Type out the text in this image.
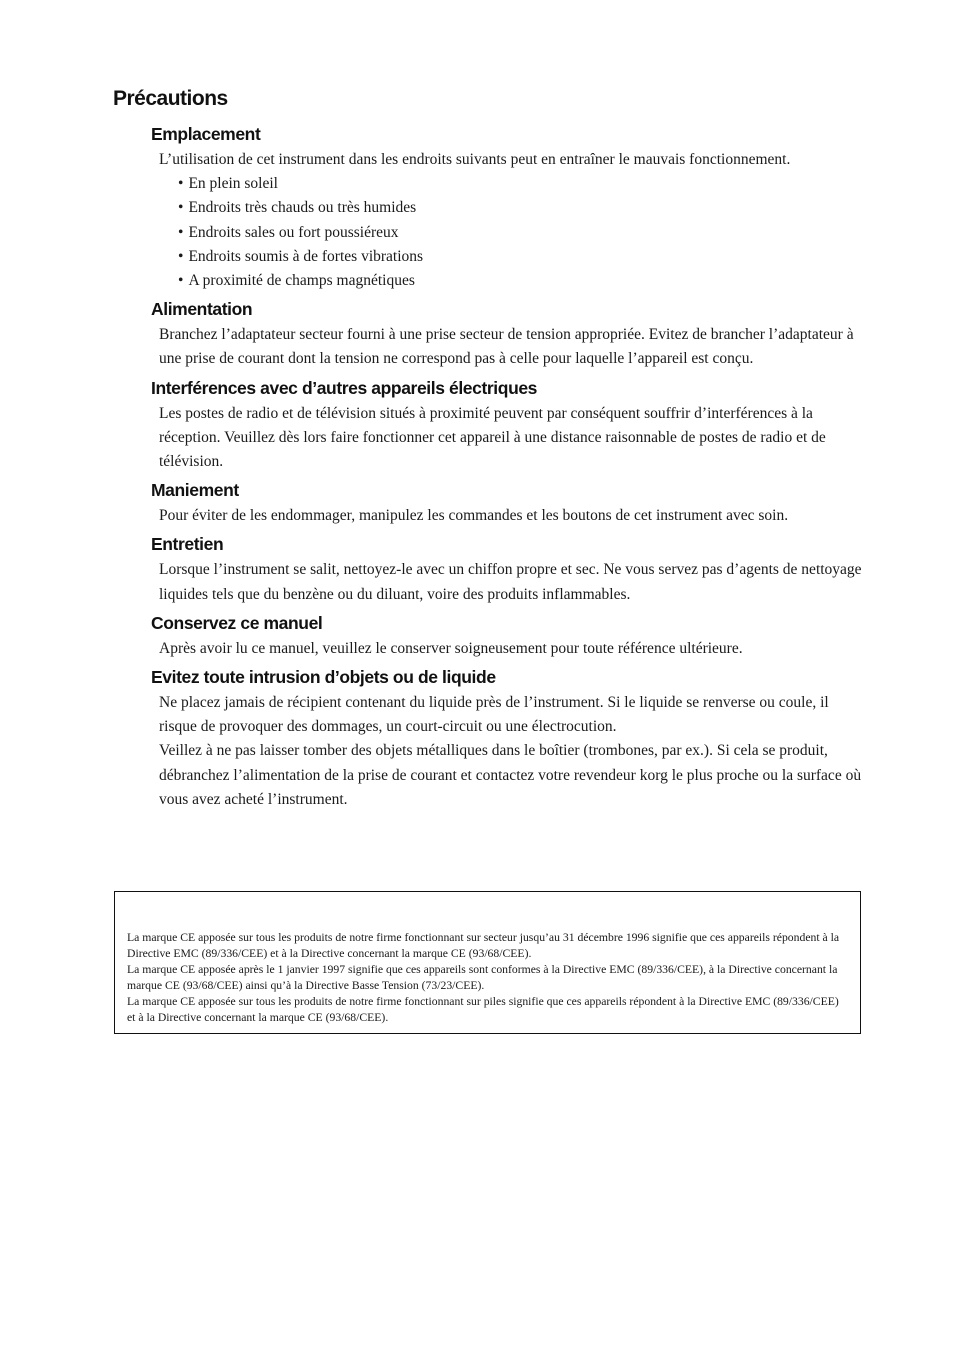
Précautions
Emplacement

L’utilisation de cet instrument dans les endroits suivants peut en entraîner le mauvais fonctionnement.

• En plein soleil
• Endroits très chauds ou très humides
• Endroits sales ou fort poussiéreux
• Endroits soumis à de fortes vibrations
• A proximité de champs magnétiques
Alimentation

Branchez l’adaptateur secteur fourni à une prise secteur de tension appropriée. Evitez de brancher l’adaptateur à une prise de courant dont la tension ne correspond pas à celle pour laquelle l’appareil est conçu.

Interférences avec d’autres appareils électriques

Les postes de radio et de télévision situés à proximité peuvent par conséquent souffrir d’interférences à la réception. Veuillez dès lors faire fonctionner cet appareil à une distance raisonnable de postes de radio et de télévision.

Maniement

Pour éviter de les endommager, manipulez les commandes et les boutons de cet instrument avec soin.

Entretien

Lorsque l’instrument se salit, nettoyez-le avec un chiffon propre et sec. Ne vous servez pas d’agents de nettoyage liquides tels que du benzène ou du diluant, voire des produits inflammables.

Conservez ce manuel

Après avoir lu ce manuel, veuillez le conserver soigneusement pour toute référence ultérieure.

Evitez toute intrusion d’objets ou de liquide

Ne placez jamais de récipient contenant du liquide près de l’instrument. Si le liquide se renverse ou coule, il risque de provoquer des dommages, un court-circuit ou une électrocution.

Veillez à ne pas laisser tomber des objets métalliques dans le boîtier (trombones, par ex.). Si cela se produit, débranchez l’alimentation de la prise de courant et contactez votre revendeur korg le plus proche ou la surface où vous avez acheté l’instrument.

La marque CE apposée sur tous les produits de notre firme fonctionnant sur secteur jusqu’au 31 décembre 1996 signifie que ces appareils répondent à la Directive EMC (89/336/CEE) et à la Directive concernant la marque CE (93/68/CEE).

La marque CE apposée après le 1 janvier 1997 signifie que ces appareils sont conformes à la Directive EMC (89/336/CEE), à la Directive concernant la marque CE (93/68/CEE) ainsi qu’à la Directive Basse Tension (73/23/CEE).

La marque CE apposée sur tous les produits de notre firme fonctionnant sur piles signifie que ces appareils répondent à la Directive EMC (89/336/CEE) et à la Directive concernant la marque CE (93/68/CEE).
